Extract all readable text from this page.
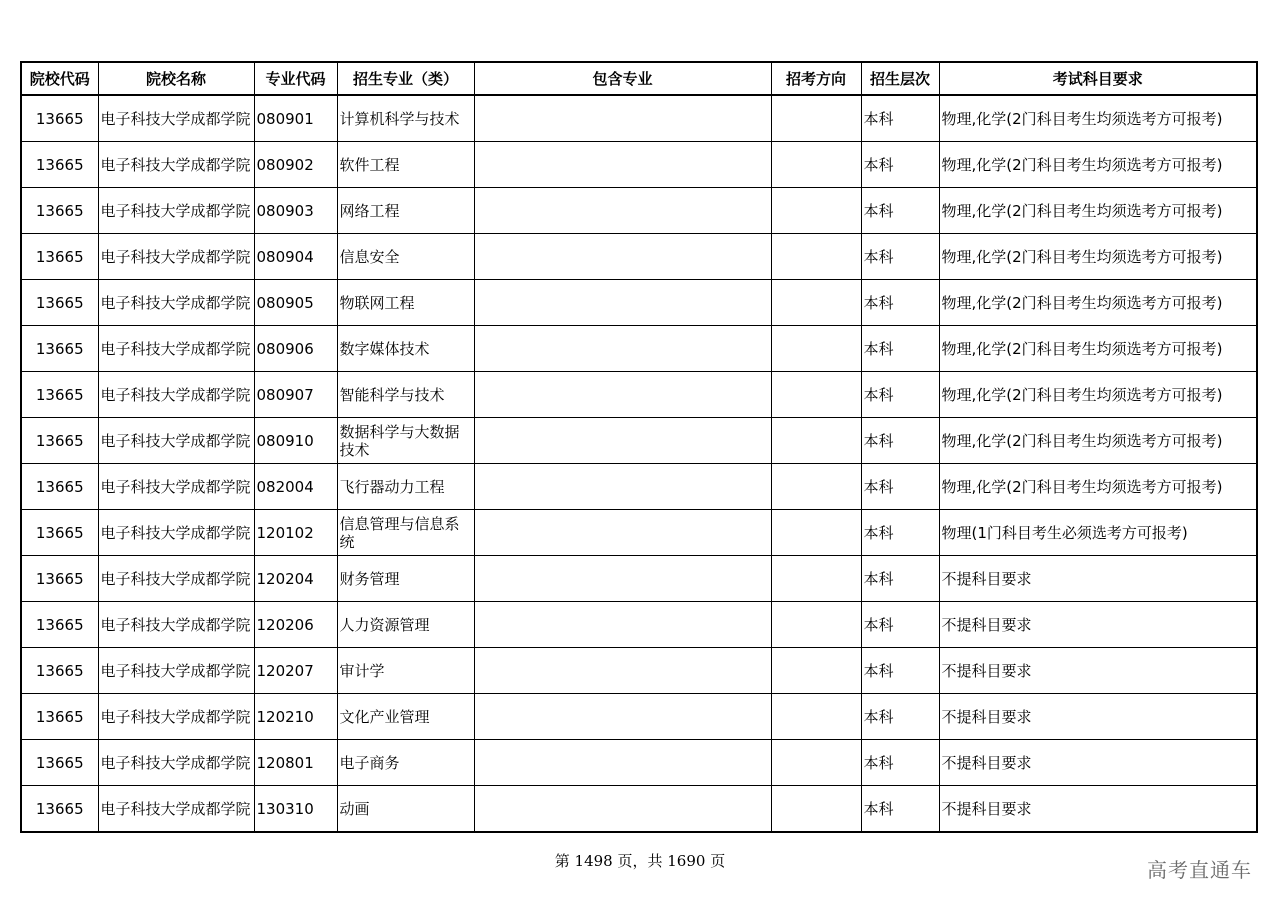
院校代码	院校名称	专业代码	招生专业（类）	包含专业	招考方向	招生层次	考试科目要求
13665	电子科技大学成都学院	080901	计算机科学与技术			本科	物理,化学(2门科目考生均须选考方可报考)
13665	电子科技大学成都学院	080902	软件工程			本科	物理,化学(2门科目考生均须选考方可报考)
13665	电子科技大学成都学院	080903	网络工程			本科	物理,化学(2门科目考生均须选考方可报考)
13665	电子科技大学成都学院	080904	信息安全			本科	物理,化学(2门科目考生均须选考方可报考)
13665	电子科技大学成都学院	080905	物联网工程			本科	物理,化学(2门科目考生均须选考方可报考)
13665	电子科技大学成都学院	080906	数字媒体技术			本科	物理,化学(2门科目考生均须选考方可报考)
13665	电子科技大学成都学院	080907	智能科学与技术			本科	物理,化学(2门科目考生均须选考方可报考)
13665	电子科技大学成都学院	080910	数据科学与大数据技术			本科	物理,化学(2门科目考生均须选考方可报考)
13665	电子科技大学成都学院	082004	飞行器动力工程			本科	物理,化学(2门科目考生均须选考方可报考)
13665	电子科技大学成都学院	120102	信息管理与信息系统			本科	物理(1门科目考生必须选考方可报考)
13665	电子科技大学成都学院	120204	财务管理			本科	不提科目要求
13665	电子科技大学成都学院	120206	人力资源管理			本科	不提科目要求
13665	电子科技大学成都学院	120207	审计学			本科	不提科目要求
13665	电子科技大学成都学院	120210	文化产业管理			本科	不提科目要求
13665	电子科技大学成都学院	120801	电子商务			本科	不提科目要求
13665	电子科技大学成都学院	130310	动画			本科	不提科目要求
第 1498 页，共 1690 页	高考直通车
